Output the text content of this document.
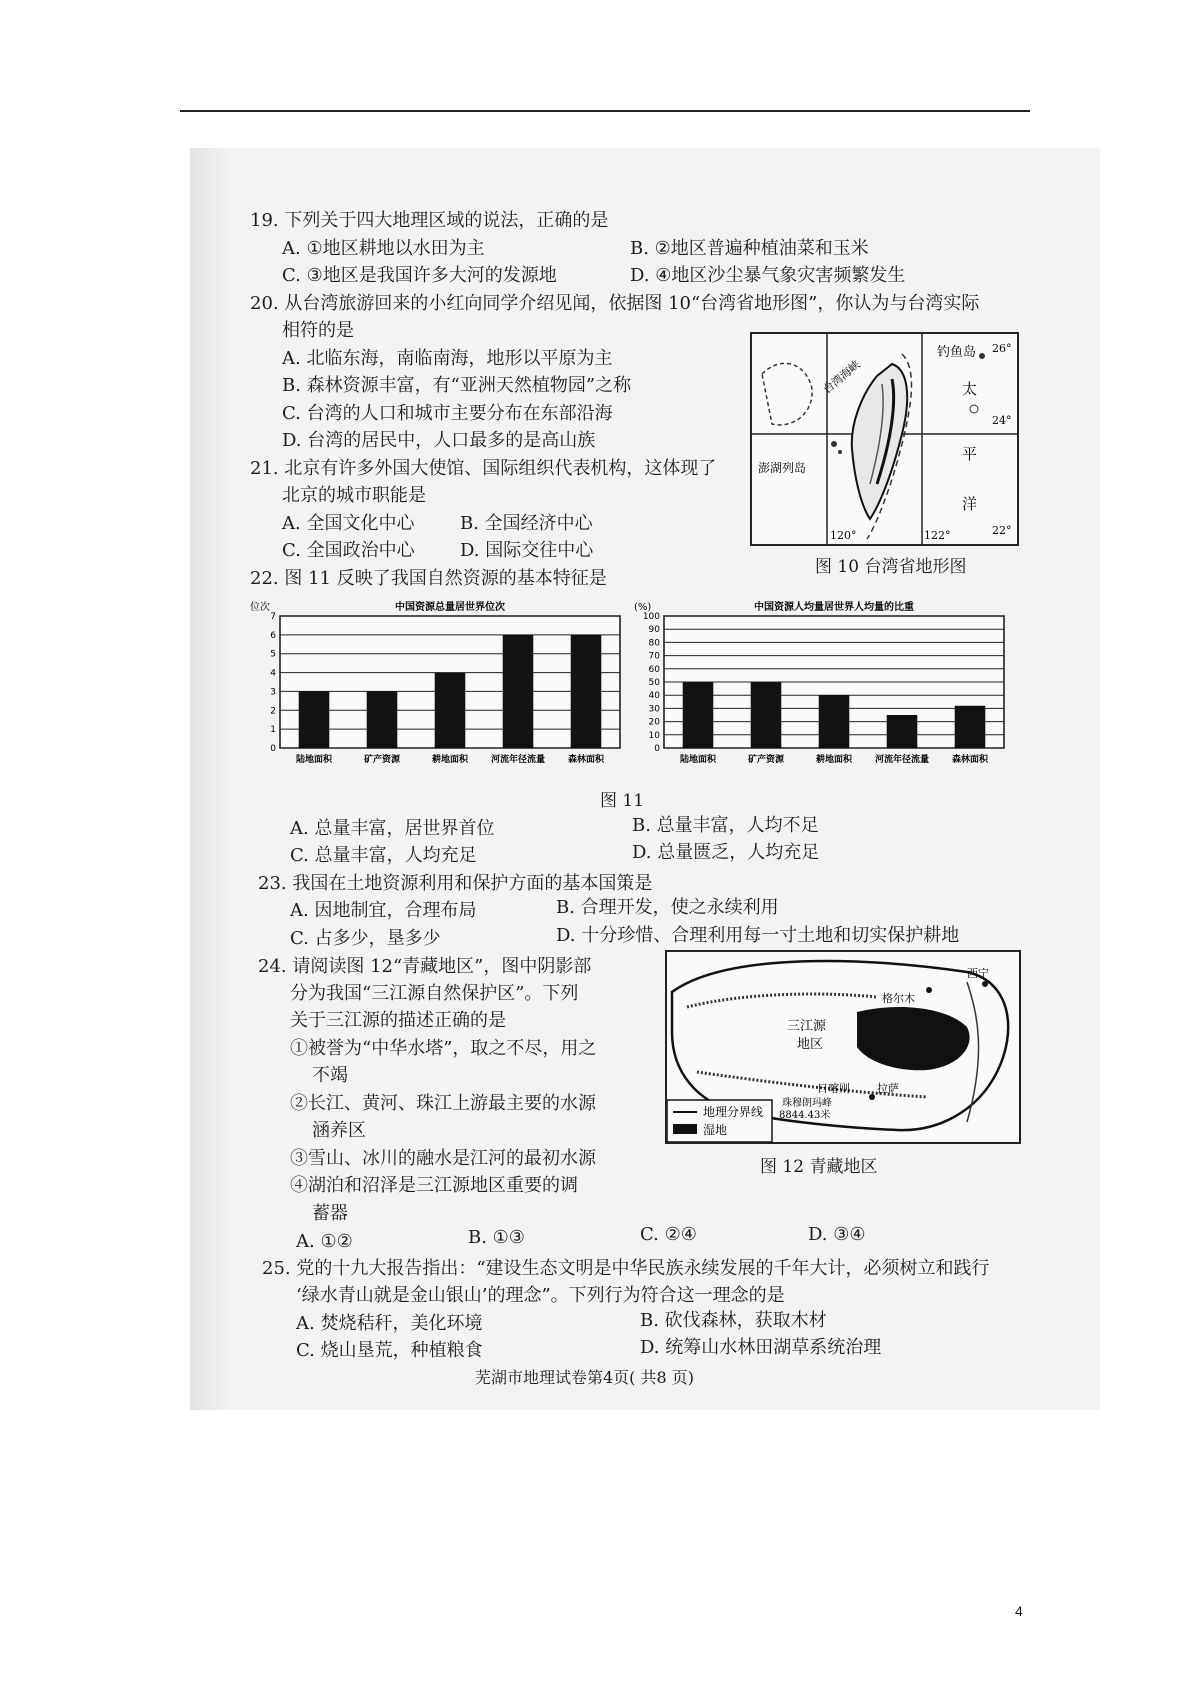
19. 下列关于四大地理区域的说法，正确的是
A. ①地区耕地以水田为主	B. ②地区普遍种植油菜和玉米
C. ③地区是我国许多大河的发源地	D. ④地区沙尘暴气象灾害频繁发生
20. 从台湾旅游回来的小红向同学介绍见闻，依据图 10“台湾省地形图”，你认为与台湾实际
相符的是
A. 北临东海，南临南海，地形以平原为主
B. 森林资源丰富，有“亚洲天然植物园”之称
C. 台湾的人口和城市主要分布在东部沿海
D. 台湾的居民中，人口最多的是高山族
钓鱼岛 26°
太
24°
平
洋
22°
120°	122°
澎湖列岛
台湾海峡
图 10 台湾省地形图
21. 北京有许多外国大使馆、国际组织代表机构，这体现了
北京的城市职能是
A. 全国文化中心	B. 全国经济中心
C. 全国政治中心	D. 国际交往中心
22. 图 11 反映了我国自然资源的基本特征是
中国资源总量居世界位次
位次
0
1
2
3
4
5
6
7
陆地面积	矿产资源	耕地面积	河流年径流量	森林面积
中国资源人均量居世界人均量的比重
(%)
0
10
20
30
40
50
60
70
80
90
100
陆地面积	矿产资源	耕地面积	河流年径流量	森林面积
图 11
A. 总量丰富，居世界首位	B. 总量丰富，人均不足
C. 总量丰富，人均充足	D. 总量匮乏，人均充足
23. 我国在土地资源利用和保护方面的基本国策是
A. 因地制宜，合理布局	B. 合理开发，使之永续利用
C. 占多少，垦多少	D. 十分珍惜、合理利用每一寸土地和切实保护耕地
24. 请阅读图 12“青藏地区”，图中阴影部
分为我国“三江源自然保护区”。下列
关于三江源的描述正确的是
①被誉为“中华水塔”，取之不尽，用之
不竭
②长江、黄河、珠江上游最主要的水源
涵养区
③雪山、冰川的融水是江河的最初水源
④湖泊和沼泽是三江源地区重要的调
蓄器
A. ①②	B. ①③	C. ②④	D. ③④
格尔木
西宁
三江源
地区
日喀则 拉萨
珠穆朗玛峰
8844.43米
地理分界线
湿地
图 12 青藏地区
25. 党的十九大报告指出：“建设生态文明是中华民族永续发展的千年大计，必须树立和践行
‘绿水青山就是金山银山’的理念”。下列行为符合这一理念的是
A. 焚烧秸秆，美化环境	B. 砍伐森林，获取木材
C. 烧山垦荒，种植粮食	D. 统筹山水林田湖草系统治理
芜湖市地理试卷第4页( 共8 页)
4
